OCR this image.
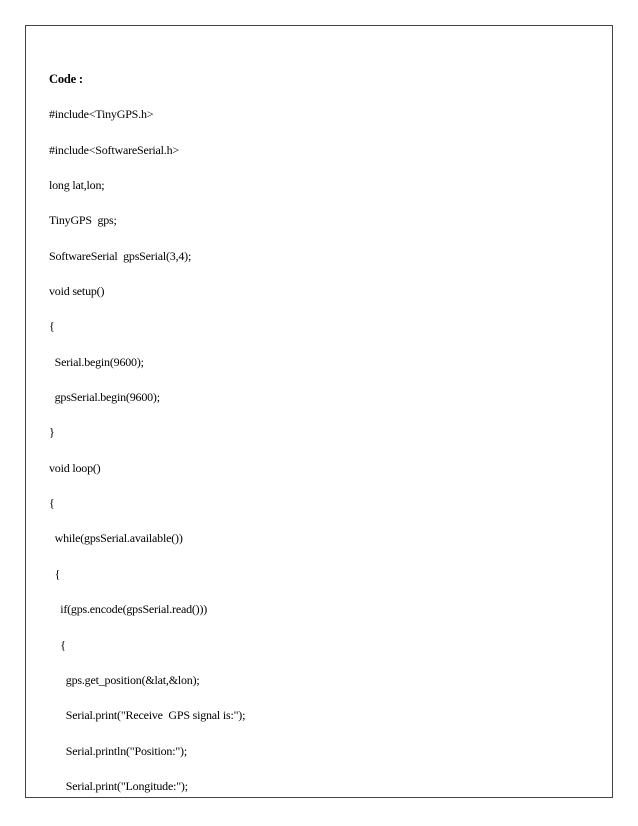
Code :
#include<TinyGPS.h>
#include<SoftwareSerial.h>
long lat,lon;
TinyGPS  gps;
SoftwareSerial  gpsSerial(3,4);
void setup()
{
Serial.begin(9600);
gpsSerial.begin(9600);
}
void loop()
{
while(gpsSerial.available())
{
if(gps.encode(gpsSerial.read()))
{
gps.get_position(&lat,&lon);
Serial.print("Receive  GPS signal is:");
Serial.println("Position:");
Serial.print("Longitude:");
